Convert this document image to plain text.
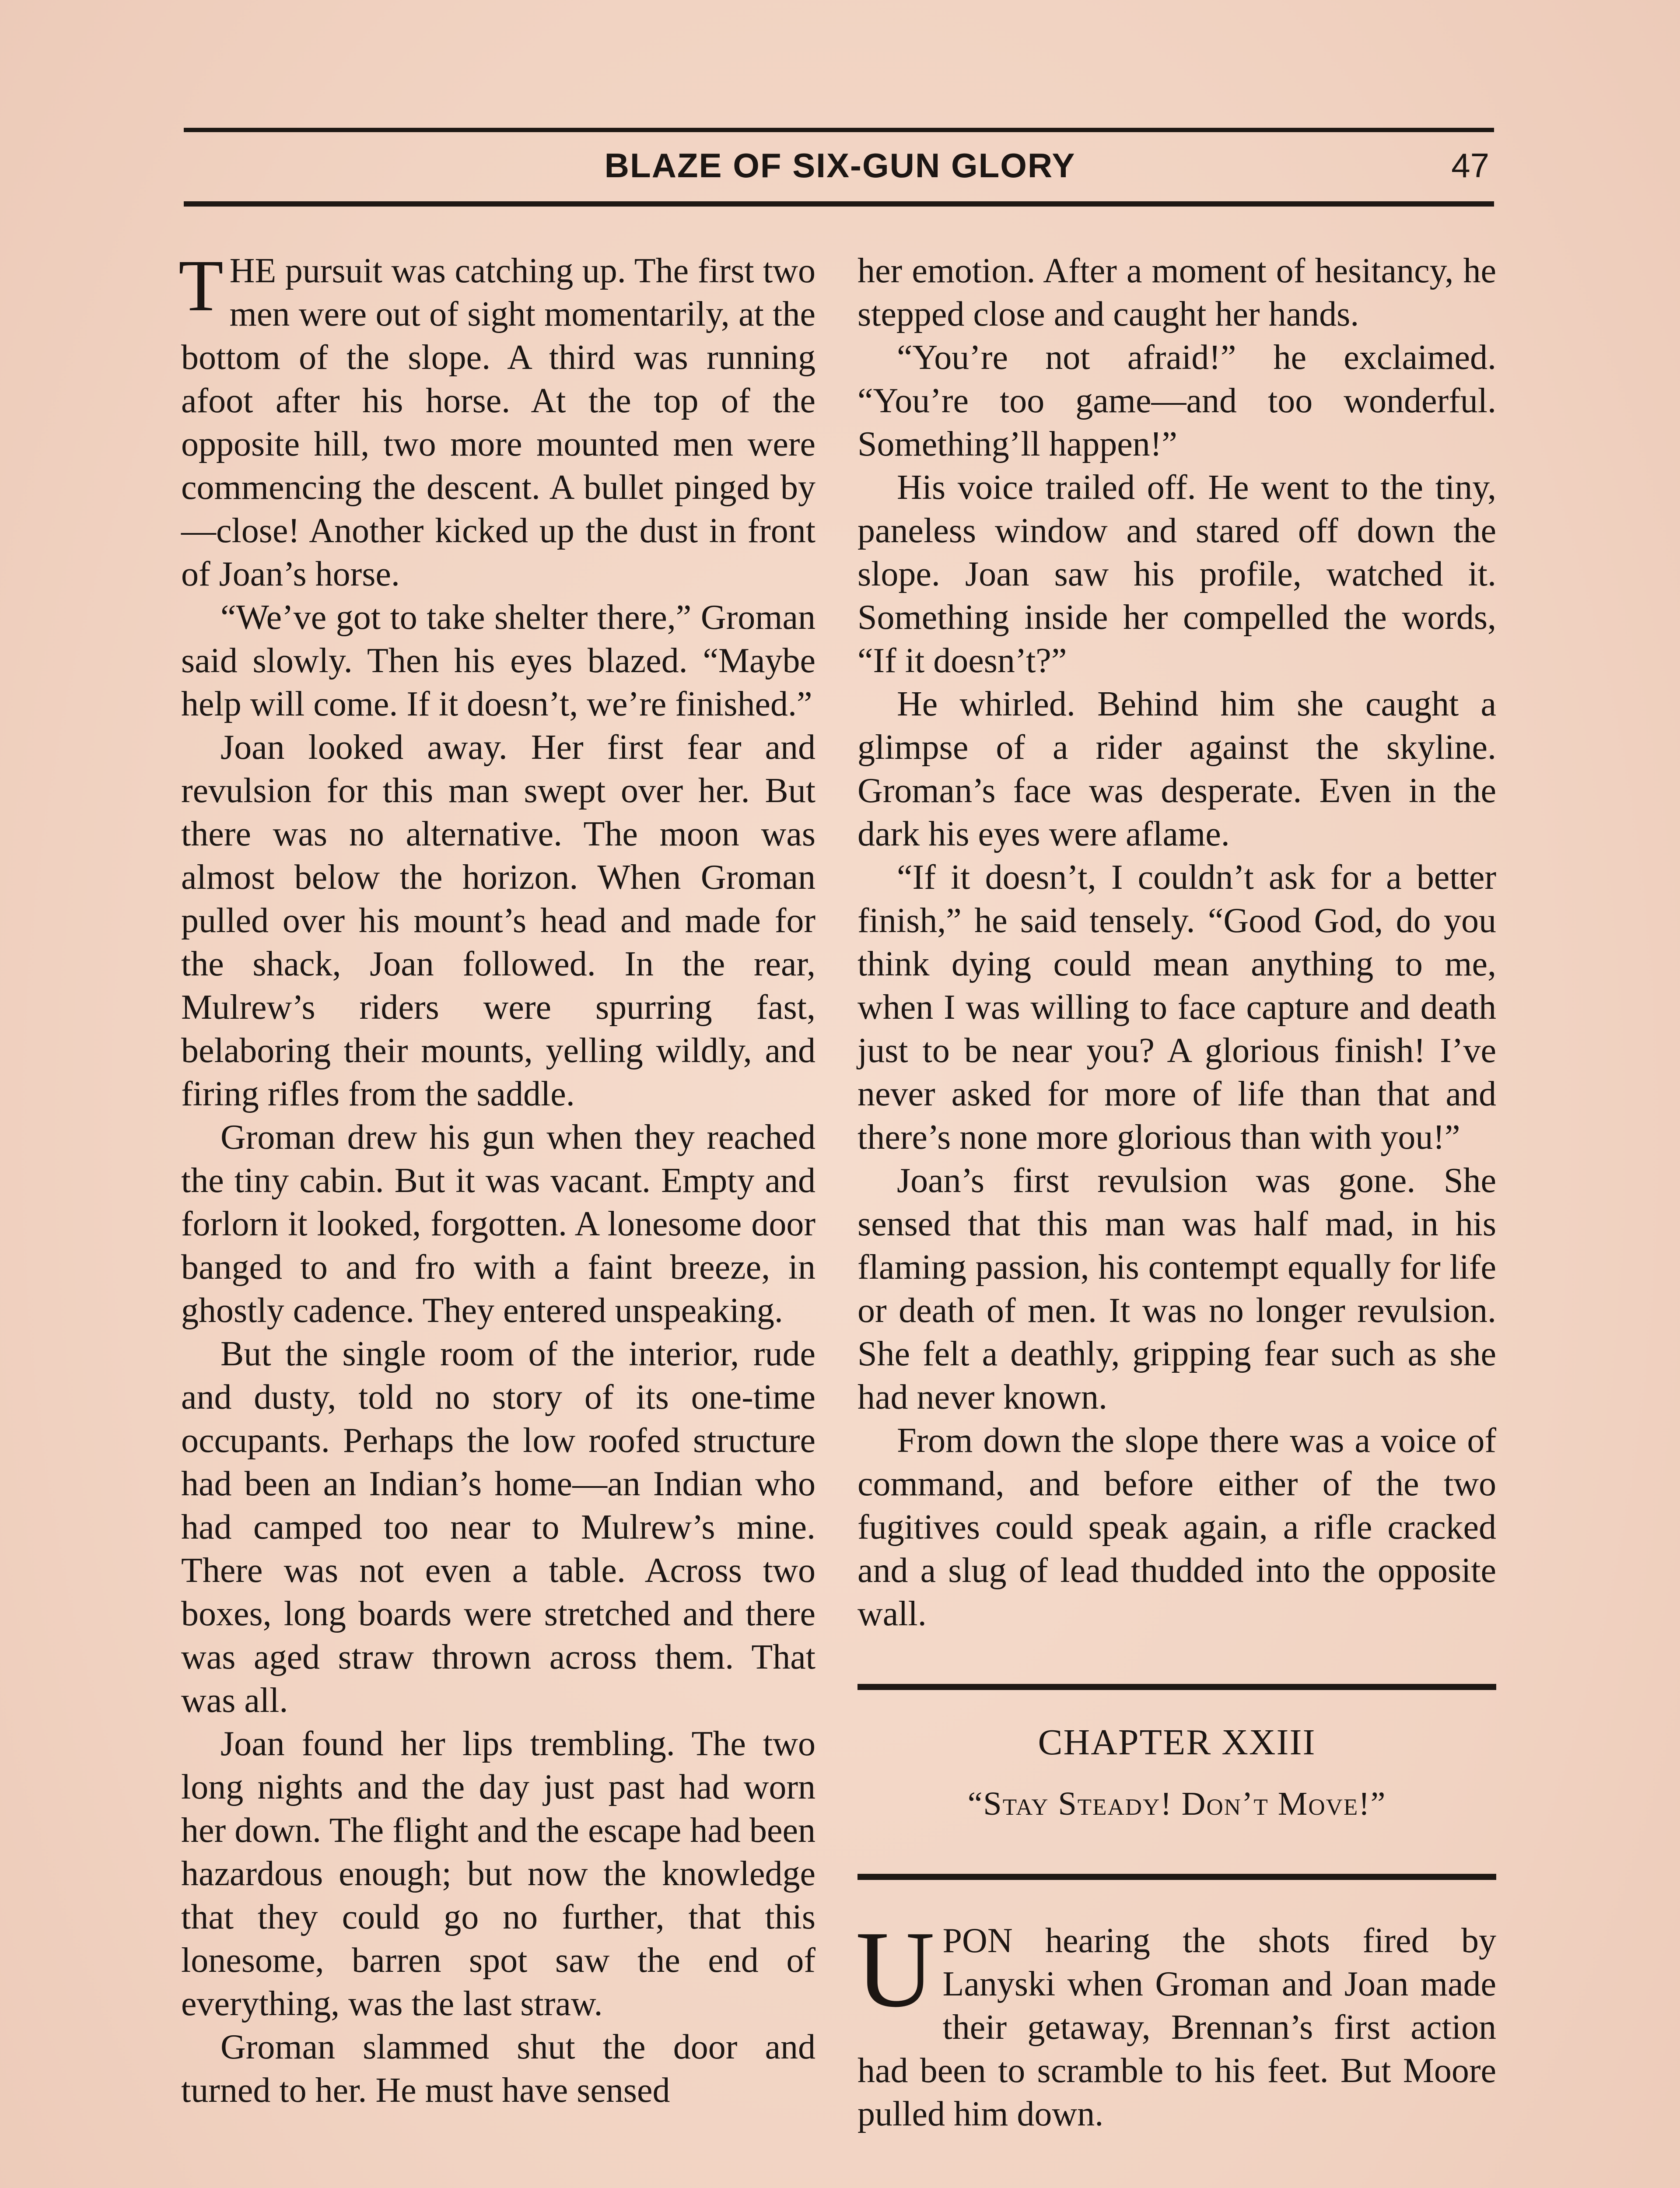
BLAZE OF SIX-GUN GLORY	47

THE pursuit was catching up. The first two men were out of sight momentarily, at the bottom of the slope. A third was running afoot after his horse. At the top of the opposite hill, two more mounted men were commencing the descent. A bullet pinged by—close! Another kicked up the dust in front of Joan’s horse.

“We’ve got to take shelter there,” Groman said slowly. Then his eyes blazed. “Maybe help will come. If it doesn’t, we’re finished.”

Joan looked away. Her first fear and revulsion for this man swept over her. But there was no alternative. The moon was almost below the horizon. When Groman pulled over his mount’s head and made for the shack, Joan followed. In the rear, Mulrew’s riders were spurring fast, belaboring their mounts, yelling wildly, and firing rifles from the saddle.

Groman drew his gun when they reached the tiny cabin. But it was vacant. Empty and forlorn it looked, forgotten. A lonesome door banged to and fro with a faint breeze, in ghostly cadence. They entered unspeaking.

But the single room of the interior, rude and dusty, told no story of its one-time occupants. Perhaps the low roofed structure had been an Indian’s home—an Indian who had camped too near to Mulrew’s mine. There was not even a table. Across two boxes, long boards were stretched and there was aged straw thrown across them. That was all.

Joan found her lips trembling. The two long nights and the day just past had worn her down. The flight and the escape had been hazardous enough; but now the knowledge that they could go no further, that this lonesome, barren spot saw the end of everything, was the last straw.

Groman slammed shut the door and turned to her. He must have sensed

her emotion. After a moment of hesitancy, he stepped close and caught her hands.

“You’re not afraid!” he exclaimed. “You’re too game—and too wonderful. Something’ll happen!”

His voice trailed off. He went to the tiny, paneless window and stared off down the slope. Joan saw his profile, watched it. Something inside her compelled the words, “If it doesn’t?”

He whirled. Behind him she caught a glimpse of a rider against the skyline. Groman’s face was desperate. Even in the dark his eyes were aflame.

“If it doesn’t, I couldn’t ask for a better finish,” he said tensely. “Good God, do you think dying could mean anything to me, when I was willing to face capture and death just to be near you? A glorious finish! I’ve never asked for more of life than that and there’s none more glorious than with you!”

Joan’s first revulsion was gone. She sensed that this man was half mad, in his flaming passion, his contempt equally for life or death of men. It was no longer revulsion. She felt a deathly, gripping fear such as she had never known.

From down the slope there was a voice of command, and before either of the two fugitives could speak again, a rifle cracked and a slug of lead thudded into the opposite wall.

CHAPTER XXIII
“Stay Steady! Don’t Move!”

UPON hearing the shots fired by Lanyski when Groman and Joan made their getaway, Brennan’s first action had been to scramble to his feet. But Moore pulled him down.
